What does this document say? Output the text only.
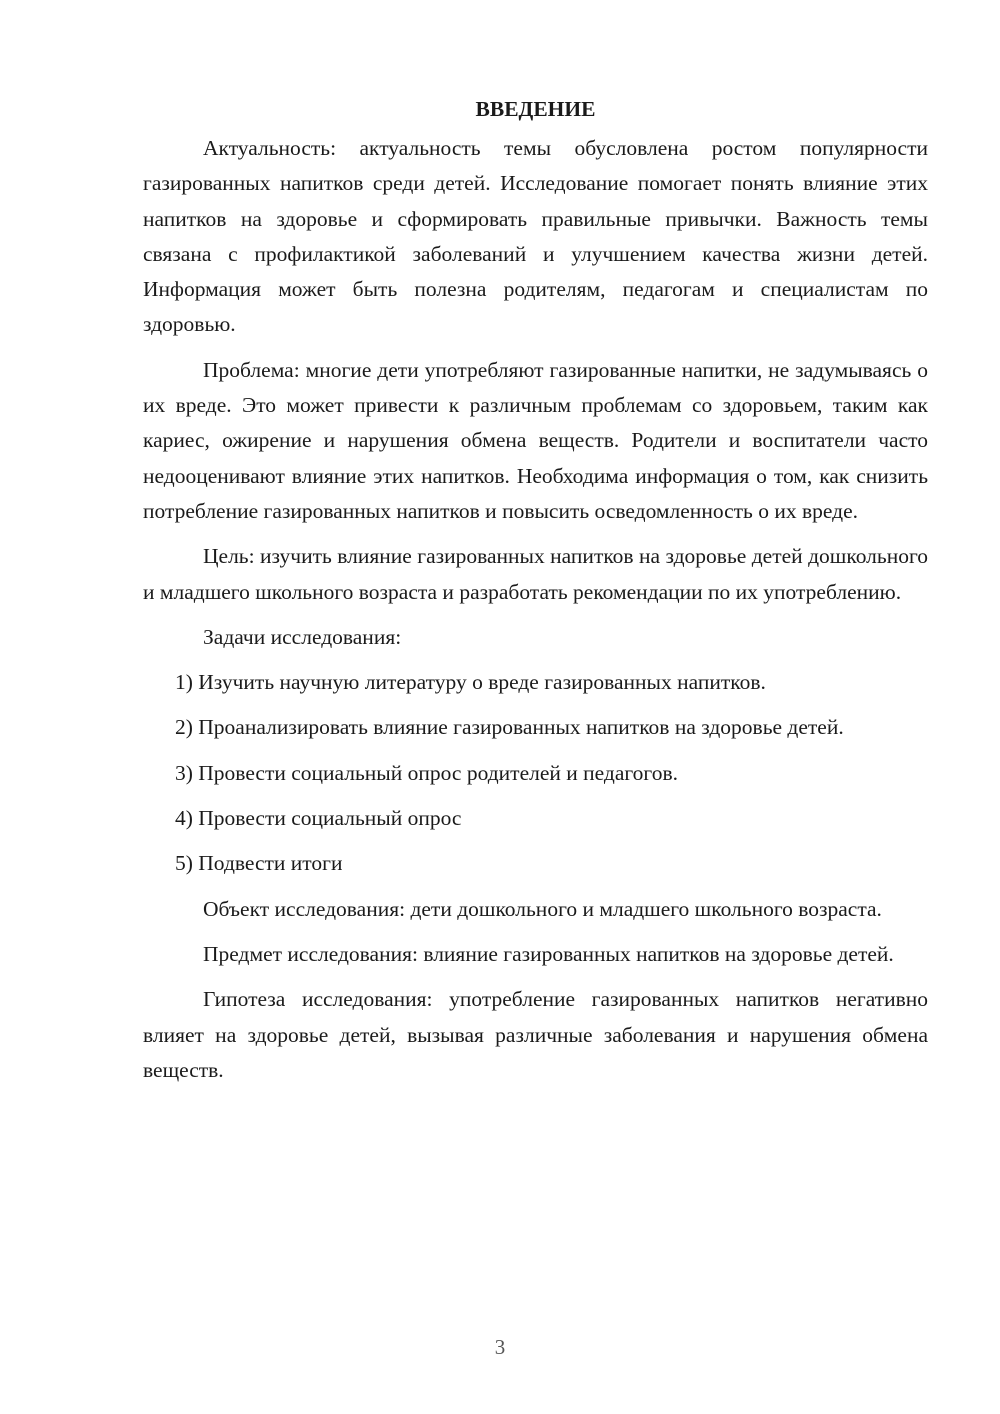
ВВЕДЕНИЕ

Актуальность: актуальность темы обусловлена ростом популярности газированных напитков среди детей. Исследование помогает понять влияние этих напитков на здоровье и сформировать правильные привычки. Важность темы связана с профилактикой заболеваний и улучшением качества жизни детей. Информация может быть полезна родителям, педагогам и специалистам по здоровью.

Проблема: многие дети употребляют газированные напитки, не задумываясь о их вреде. Это может привести к различным проблемам со здоровьем, таким как кариес, ожирение и нарушения обмена веществ. Родители и воспитатели часто недооценивают влияние этих напитков. Необходима информация о том, как снизить потребление газированных напитков и повысить осведомленность о их вреде.

Цель: изучить влияние газированных напитков на здоровье детей дошкольного и младшего школьного возраста и разработать рекомендации по их употреблению.

Задачи исследования:

1) Изучить научную литературу о вреде газированных напитков.

2) Проанализировать влияние газированных напитков на здоровье детей.

3) Провести социальный опрос родителей и педагогов.

4) Провести социальный опрос

5) Подвести итоги

Объект исследования: дети дошкольного и младшего школьного возраста.

Предмет исследования: влияние газированных напитков на здоровье детей.

Гипотеза исследования: употребление газированных напитков негативно влияет на здоровье детей, вызывая различные заболевания и нарушения обмена веществ.

3
